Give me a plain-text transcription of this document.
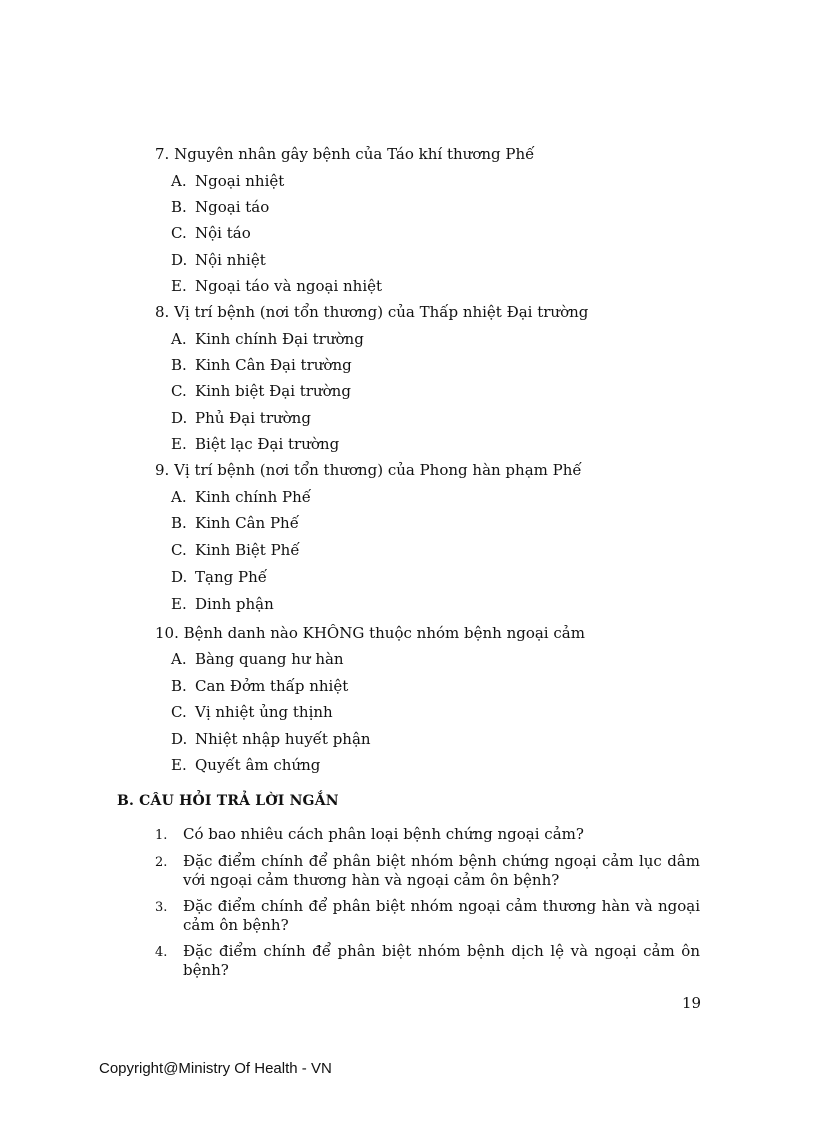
7. Nguyên nhân gây bệnh của Táo khí thương Phế
A. Ngoại nhiệt
B. Ngoại táo
C. Nội táo
D. Nội nhiệt
E. Ngoại táo và ngoại nhiệt
8. Vị trí bệnh (nơi tổn thương) của Thấp nhiệt Đại trường
A. Kinh chính Đại trường
B. Kinh Cân Đại trường
C. Kinh biệt Đại trường
D. Phủ Đại trường
E. Biệt lạc Đại trường
9. Vị trí bệnh (nơi tổn thương) của Phong hàn phạm Phế
A. Kinh chính Phế
B. Kinh Cân Phế
C. Kinh Biệt Phế
D. Tạng Phế
E. Dinh phận
10. Bệnh danh nào KHÔNG thuộc nhóm bệnh ngoại cảm
A. Bàng quang hư hàn
B. Can Đởm thấp nhiệt
C. Vị nhiệt ủng thịnh
D. Nhiệt nhập huyết phận
E. Quyết âm chứng
B. CÂU HỎI TRẢ LỜI NGẮN
1. Có bao nhiêu cách phân loại bệnh chứng ngoại cảm?
2. Đặc điểm chính để phân biệt nhóm bệnh chứng ngoại cảm lục dâm với ngoại cảm thương hàn và ngoại cảm ôn bệnh?
3. Đặc điểm chính để phân biệt nhóm ngoại cảm thương hàn và ngoại cảm ôn bệnh?
4. Đặc điểm chính để phân biệt nhóm bệnh dịch lệ và ngoại cảm ôn bệnh?
19
Copyright@Ministry Of Health - VN
